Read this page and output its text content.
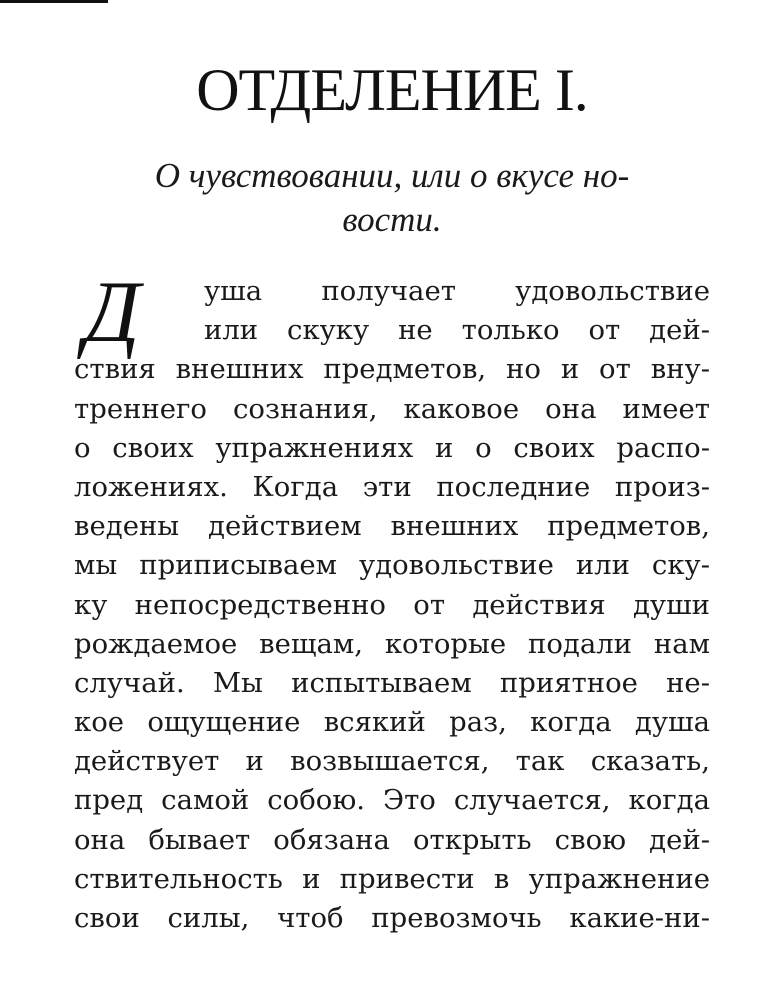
ОТДЕЛЕНИЕ I.
О чувствовании, или о вкусе но-
вости.
Д	уша получает удовольствие
или скуку не только от дей-
ствия внешних предметов, но и от вну-
треннего сознания, каковое она имеет
о своих упражнениях и о своих распо-
ложениях. Когда эти последние произ-
ведены действием внешних предметов,
мы приписываем удовольствие или ску-
ку непосредственно от действия души
рождаемое вещам, которые подали нам
случай. Мы испытываем приятное не-
кое ощущение всякий раз, когда душа
действует и возвышается, так сказать,
пред самой собою. Это случается, когда
она бывает обязана открыть свою дей-
ствительность и привести в упражнение
свои силы, чтоб превозмочь какие-ни-
